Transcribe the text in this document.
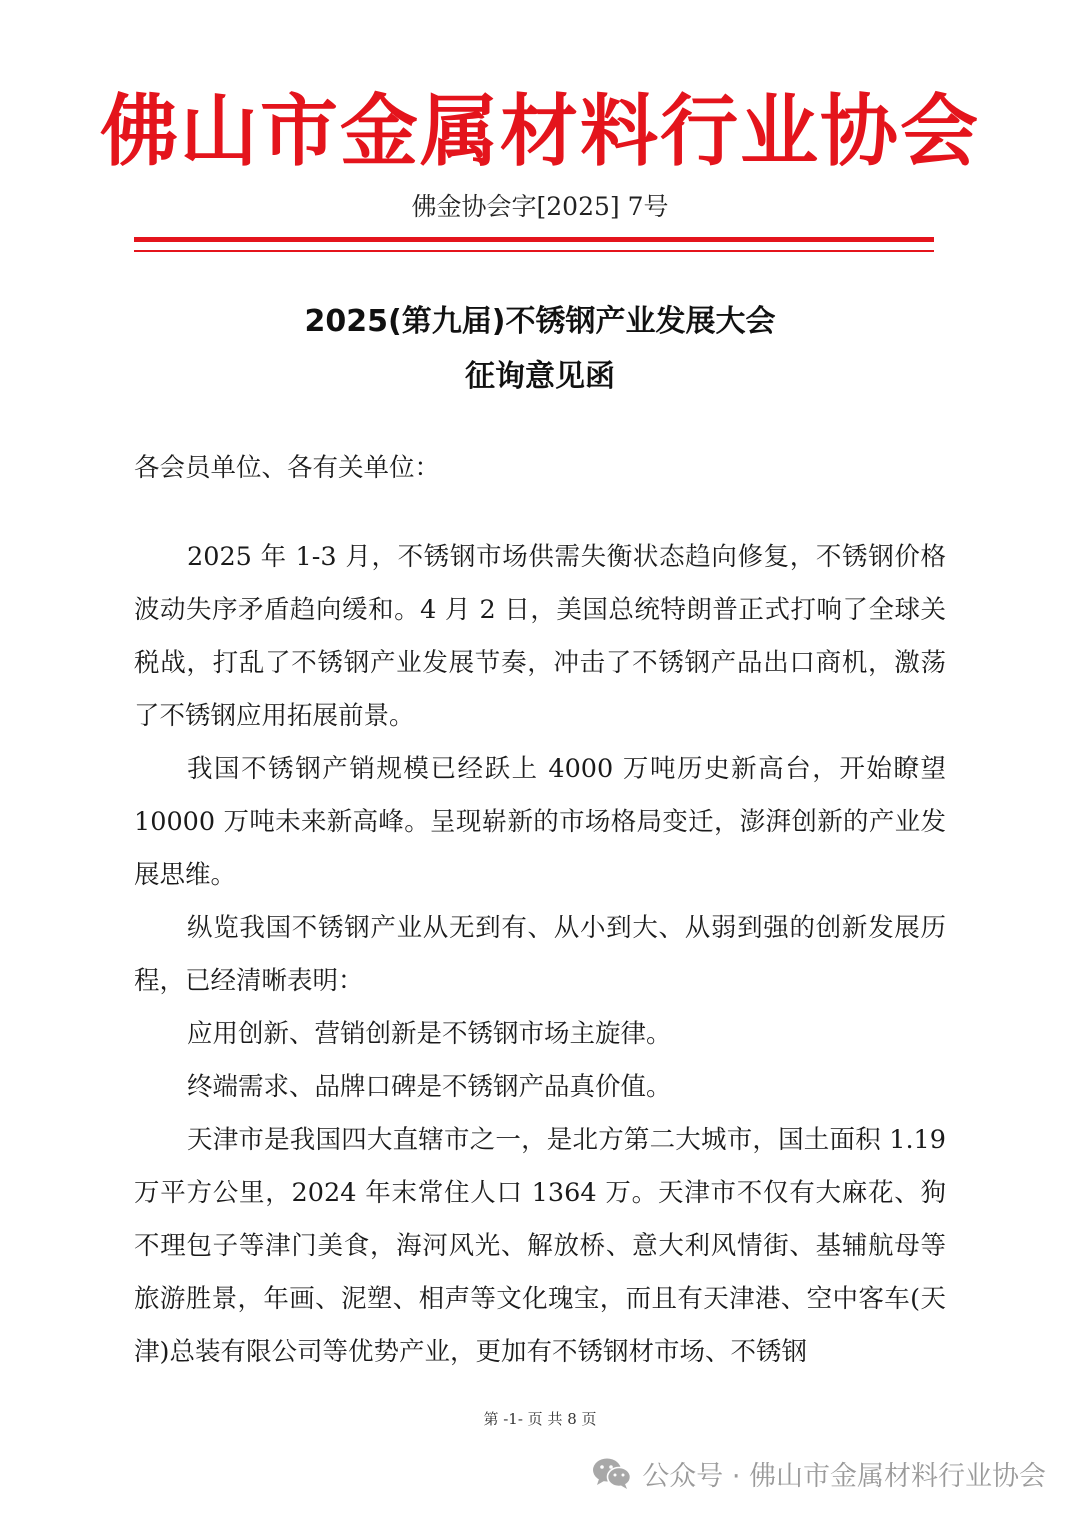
佛山市金属材料行业协会
佛金协会字[2025] 7号
2025(第九届)不锈钢产业发展大会
征询意见函

各会员单位、各有关单位：

2025 年 1-3 月，不锈钢市场供需失衡状态趋向修复，不锈钢价格波动失序矛盾趋向缓和。4 月 2 日，美国总统特朗普正式打响了全球关税战，打乱了不锈钢产业发展节奏，冲击了不锈钢产品出口商机，激荡了不锈钢应用拓展前景。

我国不锈钢产销规模已经跃上 4000 万吨历史新高台，开始瞭望 10000 万吨未来新高峰。呈现崭新的市场格局变迁，澎湃创新的产业发展思维。

纵览我国不锈钢产业从无到有、从小到大、从弱到强的创新发展历程，已经清晰表明：

应用创新、营销创新是不锈钢市场主旋律。

终端需求、品牌口碑是不锈钢产品真价值。

天津市是我国四大直辖市之一，是北方第二大城市，国土面积 1.19 万平方公里，2024 年末常住人口 1364 万。天津市不仅有大麻花、狗不理包子等津门美食，海河风光、解放桥、意大利风情街、基辅航母等旅游胜景，年画、泥塑、相声等文化瑰宝，而且有天津港、空中客车(天津)总装有限公司等优势产业，更加有不锈钢材市场、不锈钢

第 -1- 页 共 8 页
公众号 · 佛山市金属材料行业协会
